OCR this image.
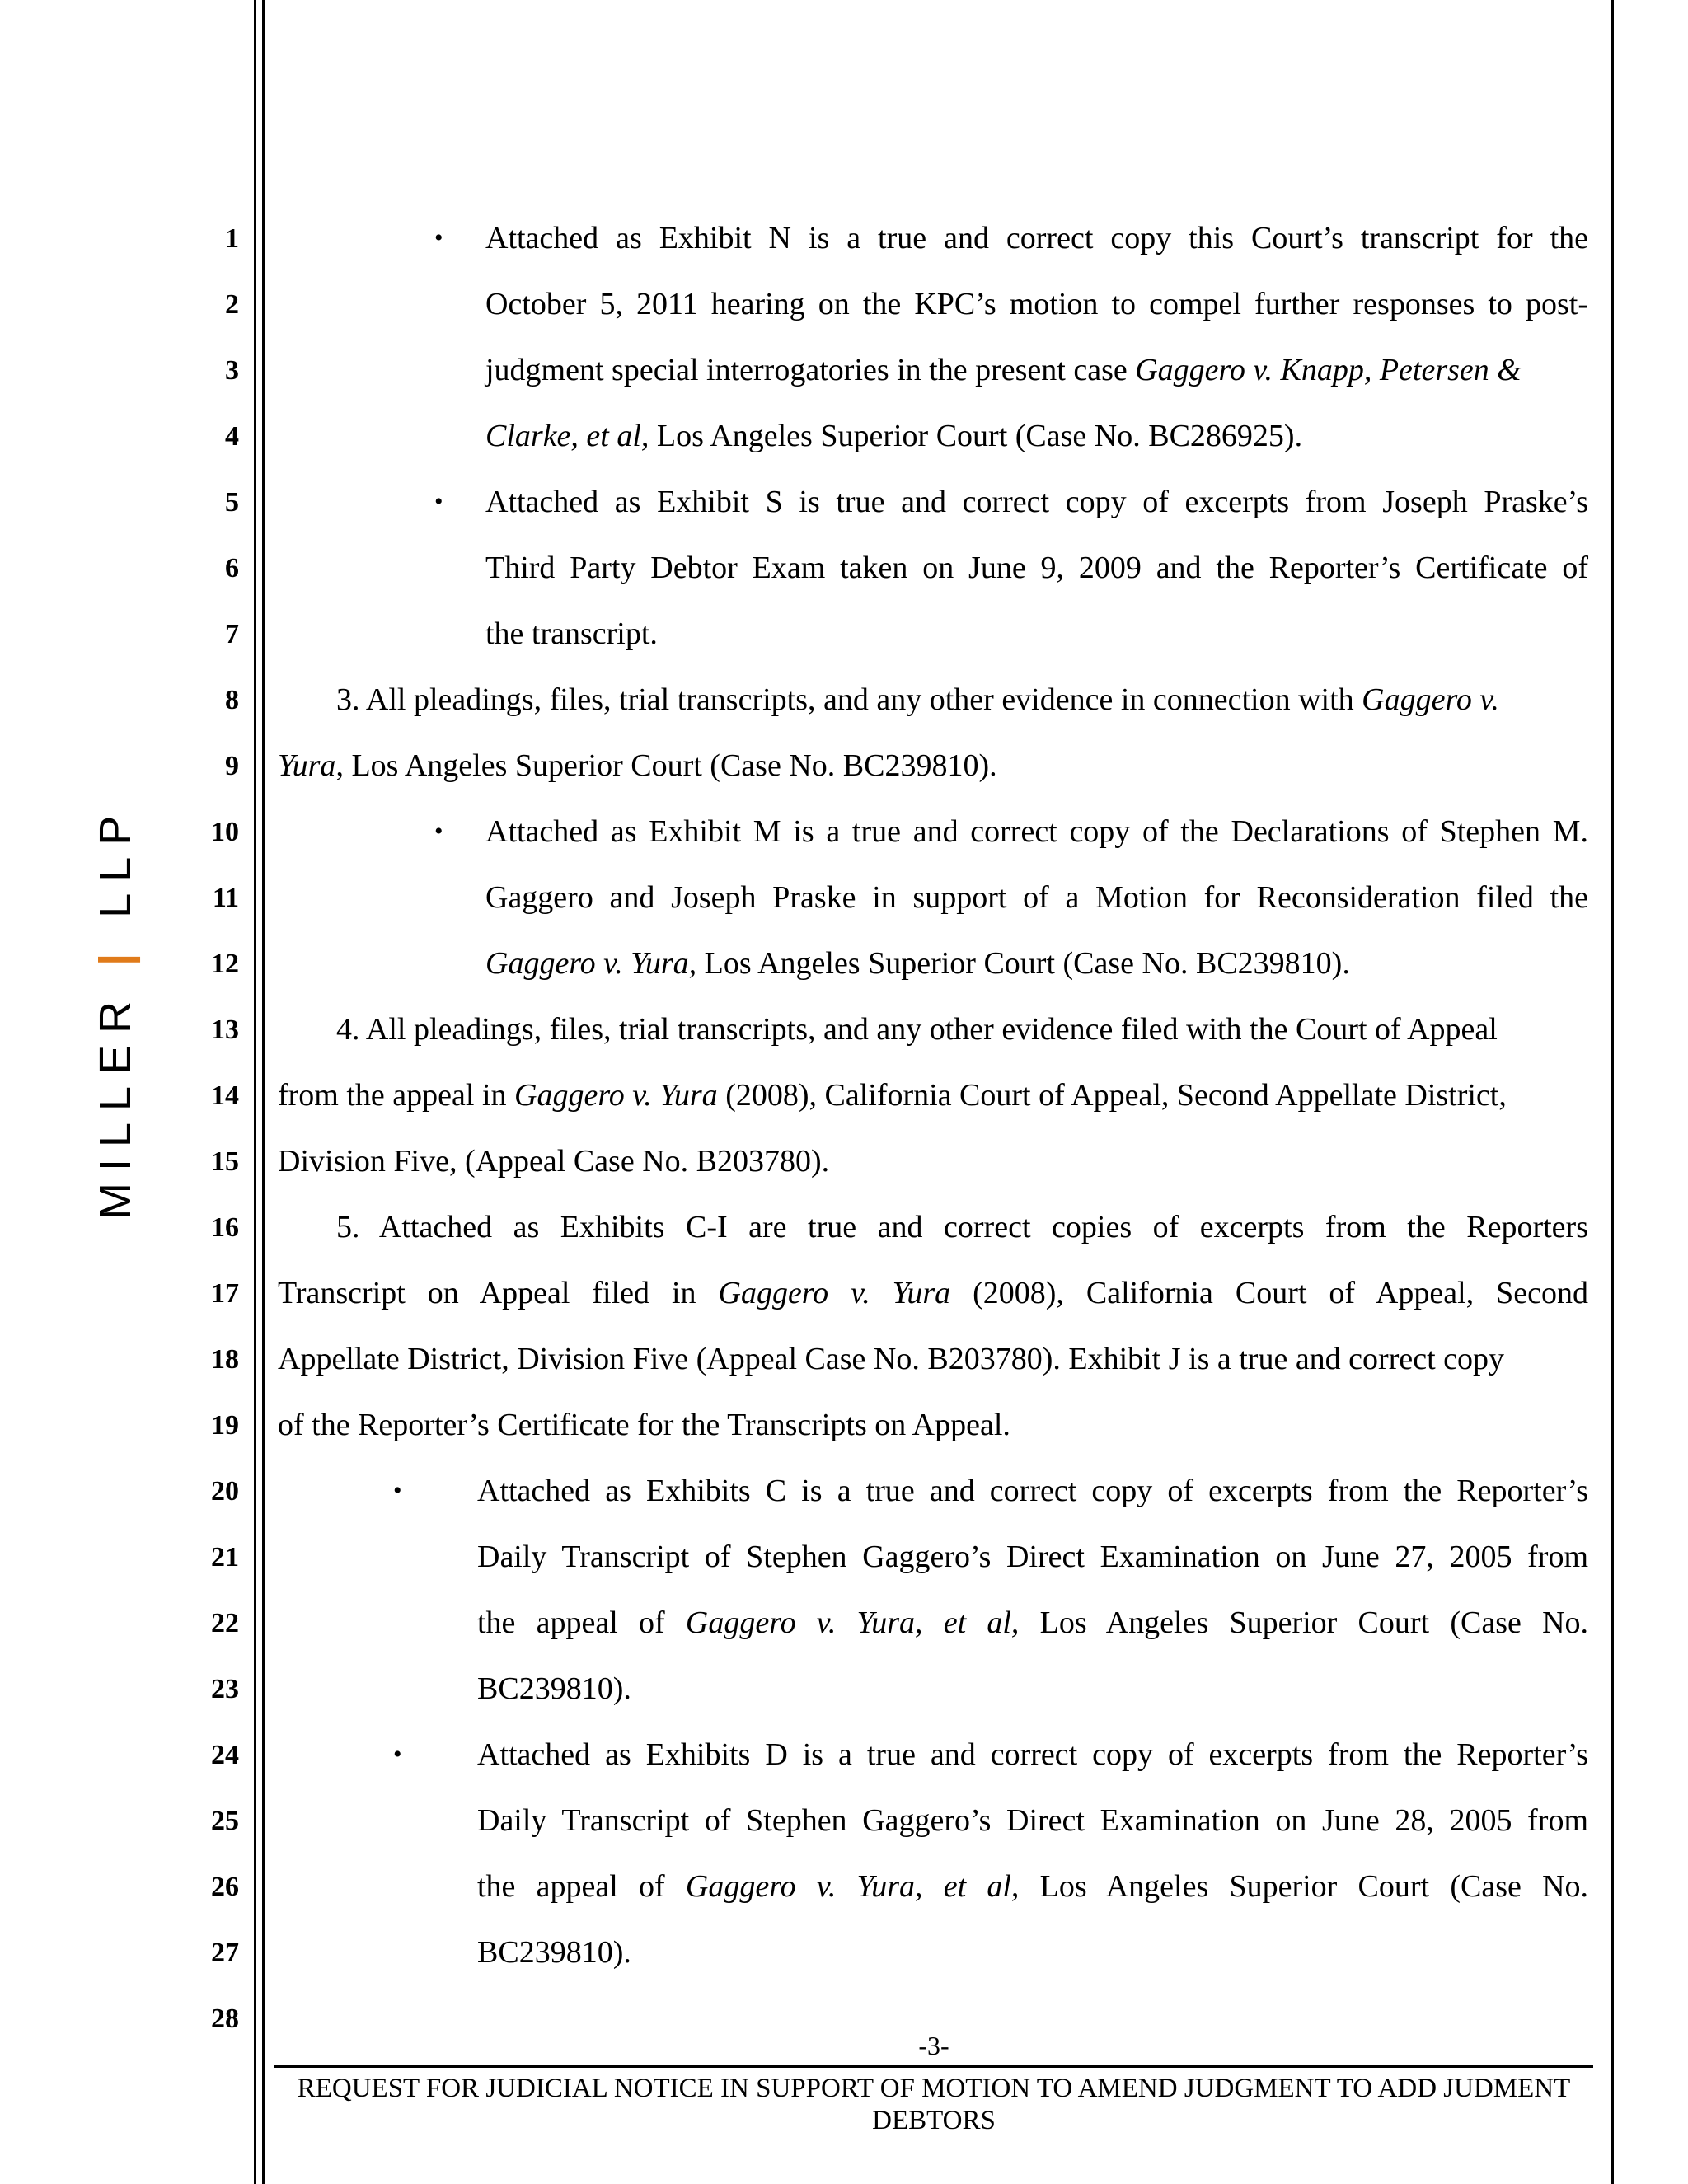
MILLER | LLP
1
2
3
4
5
6
7
8
9
10
11
12
13
14
15
16
17
18
19
20
21
22
23
24
25
26
27
28
• Attached as Exhibit N is a true and correct copy this Court’s transcript for the
October 5, 2011 hearing on the KPC’s motion to compel further responses to post-
judgment special interrogatories in the present case Gaggero v. Knapp, Petersen &
Clarke, et al, Los Angeles Superior Court (Case No. BC286925).
• Attached as Exhibit S is true and correct copy of excerpts from Joseph Praske’s
Third Party Debtor Exam taken on June 9, 2009 and the Reporter’s Certificate of
the transcript.
3. All pleadings, files, trial transcripts, and any other evidence in connection with Gaggero v.
Yura, Los Angeles Superior Court (Case No. BC239810).
• Attached as Exhibit M is a true and correct copy of the Declarations of Stephen M.
Gaggero and Joseph Praske in support of a Motion for Reconsideration filed the
Gaggero v. Yura, Los Angeles Superior Court (Case No. BC239810).
4. All pleadings, files, trial transcripts, and any other evidence filed with the Court of Appeal
from the appeal in Gaggero v. Yura (2008), California Court of Appeal, Second Appellate District,
Division Five, (Appeal Case No. B203780).
5. Attached as Exhibits C-I are true and correct copies of excerpts from the Reporters
Transcript on Appeal filed in Gaggero v. Yura (2008), California Court of Appeal, Second
Appellate District, Division Five (Appeal Case No. B203780). Exhibit J is a true and correct copy
of the Reporter’s Certificate for the Transcripts on Appeal.
• Attached as Exhibits C is a true and correct copy of excerpts from the Reporter’s
Daily Transcript of Stephen Gaggero’s Direct Examination on June 27, 2005 from
the appeal of Gaggero v. Yura, et al, Los Angeles Superior Court (Case No.
BC239810).
• Attached as Exhibits D is a true and correct copy of excerpts from the Reporter’s
Daily Transcript of Stephen Gaggero’s Direct Examination on June 28, 2005 from
the appeal of Gaggero v. Yura, et al, Los Angeles Superior Court (Case No.
BC239810).
-3-
REQUEST FOR JUDICIAL NOTICE IN SUPPORT OF MOTION TO AMEND JUDGMENT TO ADD JUDMENT
DEBTORS
